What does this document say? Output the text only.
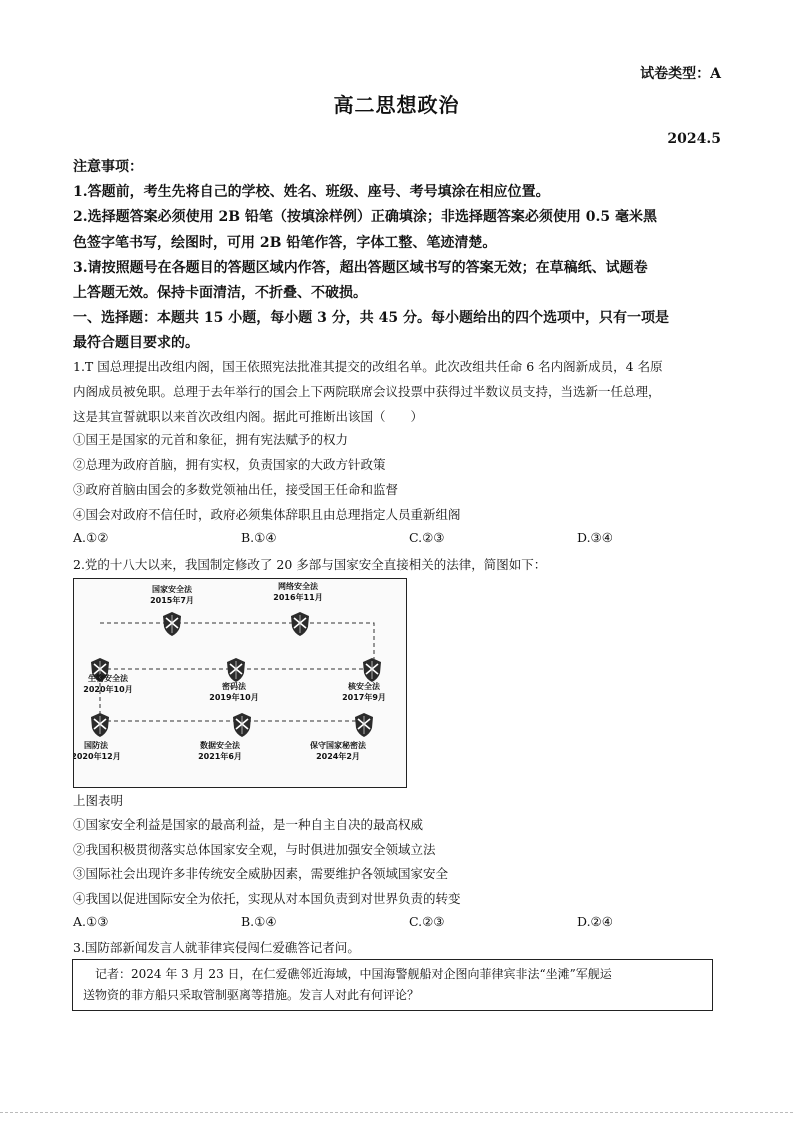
试卷类型：A
高二思想政治
2024.5
注意事项：
1.答题前，考生先将自己的学校、姓名、班级、座号、考号填涂在相应位置。
2.选择题答案必须使用 2B 铅笔（按填涂样例）正确填涂；非选择题答案必须使用 0.5 毫米黑
色签字笔书写，绘图时，可用 2B 铅笔作答，字体工整、笔迹清楚。
3.请按照题号在各题目的答题区域内作答，超出答题区域书写的答案无效；在草稿纸、试题卷
上答题无效。保持卡面清洁，不折叠、不破损。
一、选择题：本题共 15 小题，每小题 3 分，共 45 分。每小题给出的四个选项中，只有一项是
最符合题目要求的。
1.T 国总理提出改组内阁，国王依照宪法批准其提交的改组名单。此次改组共任命 6 名内阁新成员，4 名原
内阁成员被免职。总理于去年举行的国会上下两院联席会议投票中获得过半数议员支持，当选新一任总理，
这是其宣誓就职以来首次改组内阁。据此可推断出该国（　　）
①国王是国家的元首和象征，拥有宪法赋予的权力
②总理为政府首脑，拥有实权，负责国家的大政方针政策
③政府首脑由国会的多数党领袖出任，接受国王任命和监督
④国会对政府不信任时，政府必须集体辞职且由总理指定人员重新组阁
A.①②	B.①④	C.②③	D.③④
2.党的十八大以来，我国制定修改了 20 多部与国家安全直接相关的法律，简图如下：
国家安全法
2015年7月
网络安全法
2016年11月
核安全法
2017年9月
密码法
2019年10月
生物安全法
2020年10月
国防法
2020年12月
数据安全法
2021年6月
保守国家秘密法
2024年2月
上图表明
①国家安全利益是国家的最高利益，是一种自主自决的最高权威
②我国积极贯彻落实总体国家安全观，与时俱进加强安全领域立法
③国际社会出现许多非传统安全威胁因素，需要维护各领域国家安全
④我国以促进国际安全为依托，实现从对本国负责到对世界负责的转变
A.①③	B.①④	C.②③	D.②④
3.国防部新闻发言人就菲律宾侵闯仁爱礁答记者问。
　记者：2024 年 3 月 23 日，在仁爱礁邻近海域，中国海警舰船对企图向菲律宾非法“坐滩”军舰运
送物资的菲方船只采取管制驱离等措施。发言人对此有何评论？
